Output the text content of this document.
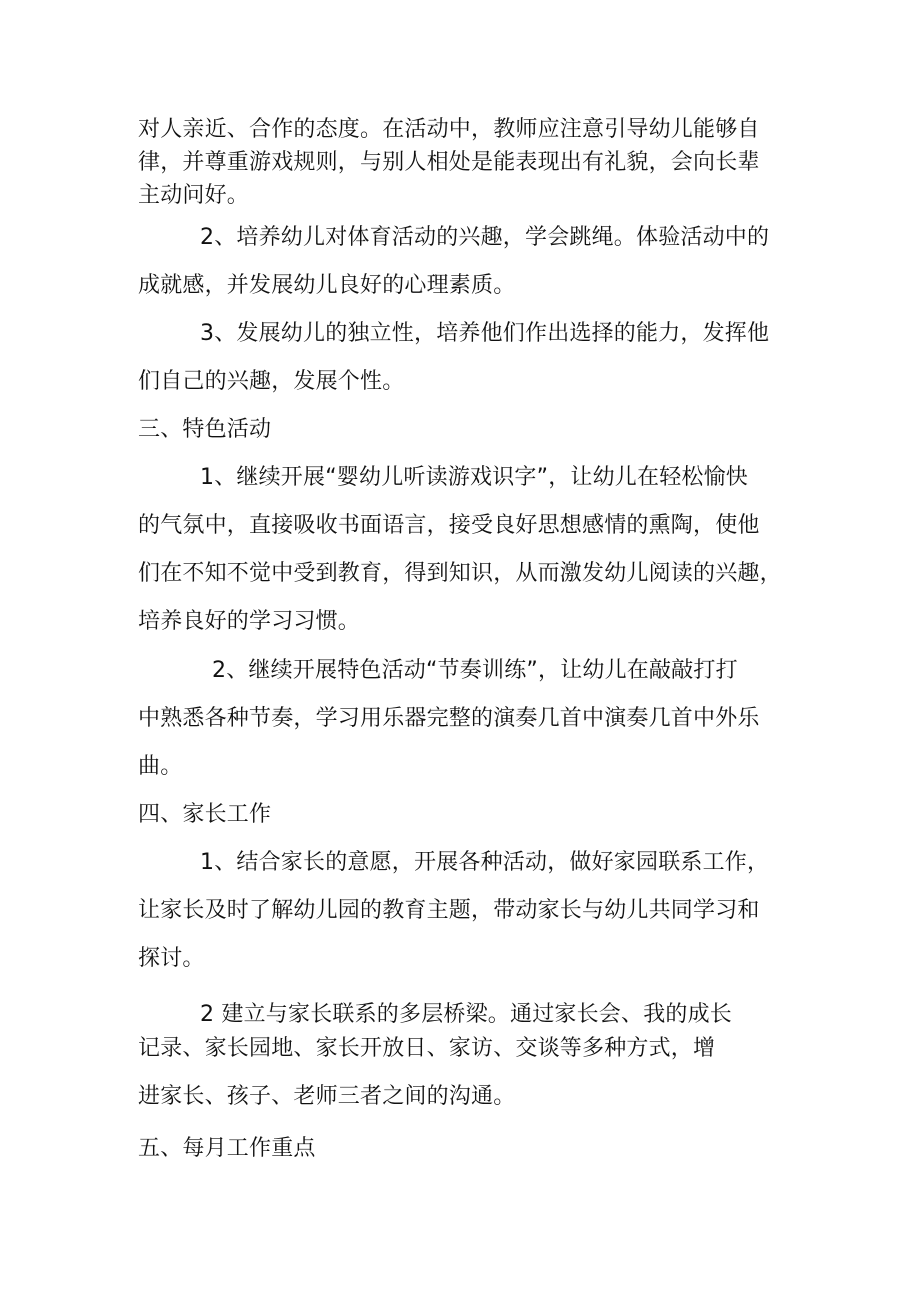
对人亲近、合作的态度。在活动中，教师应注意引导幼儿能够自
律，并尊重游戏规则，与别人相处是能表现出有礼貌，会向长辈
主动问好。
2、培养幼儿对体育活动的兴趣，学会跳绳。体验活动中的
成就感，并发展幼儿良好的心理素质。
3、发展幼儿的独立性，培养他们作出选择的能力，发挥他
们自己的兴趣，发展个性。
三、特色活动
1、继续开展“婴幼儿听读游戏识字”，让幼儿在轻松愉快
的气氛中，直接吸收书面语言，接受良好思想感情的熏陶，使他
们在不知不觉中受到教育，得到知识，从而激发幼儿阅读的兴趣，
培养良好的学习习惯。
2、继续开展特色活动“节奏训练”，让幼儿在敲敲打打
中熟悉各种节奏，学习用乐器完整的演奏几首中演奏几首中外乐
曲。
四、家长工作
1、结合家长的意愿，开展各种活动，做好家园联系工作，
让家长及时了解幼儿园的教育主题，带动家长与幼儿共同学习和
探讨。
2 建立与家长联系的多层桥梁。通过家长会、我的成长
记录、家长园地、家长开放日、家访、交谈等多种方式，增
进家长、孩子、老师三者之间的沟通。
五、每月工作重点
